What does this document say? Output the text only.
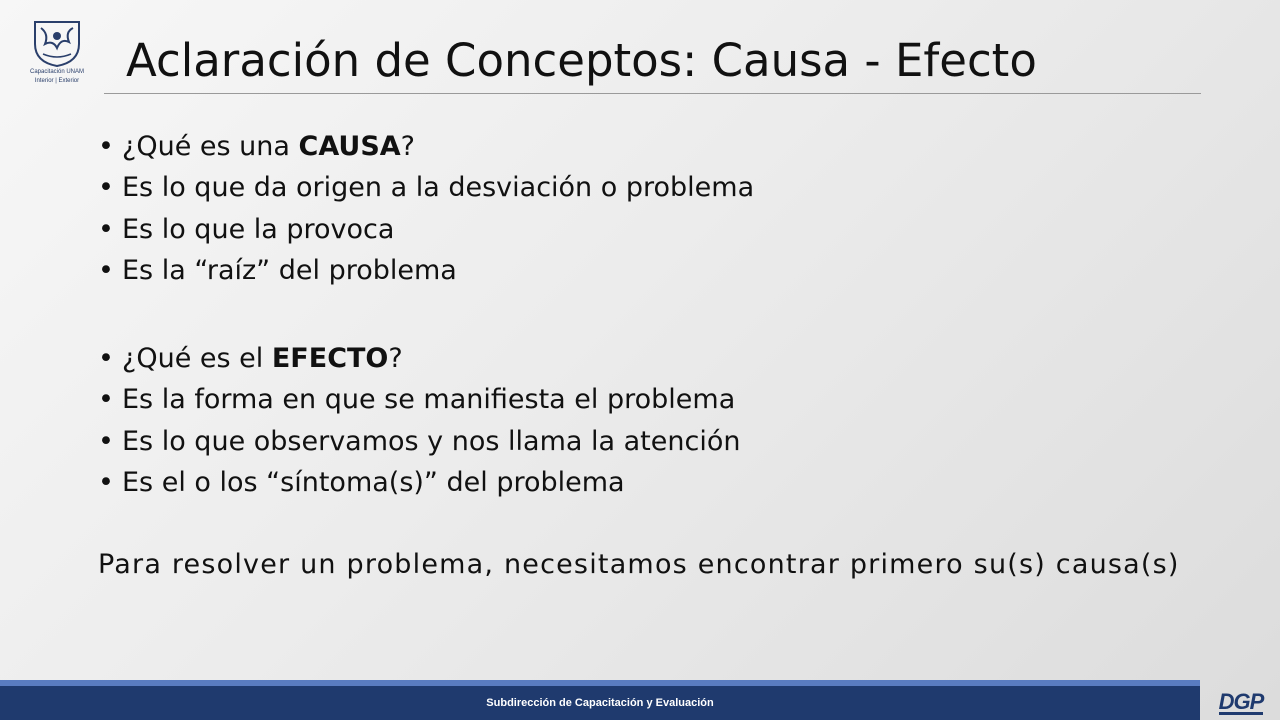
Capacitación UNAM
Interior | Exterior Aclaración de Conceptos: Causa - Efecto
• ¿Qué es una CAUSA?
• Es lo que da origen a la desviación o problema
• Es lo que la provoca
• Es la “raíz” del problema
• ¿Qué es el EFECTO?
• Es la forma en que se manifiesta el problema
• Es lo que observamos y nos llama la atención
• Es el o los “síntoma(s)” del problema

Para resolver un problema, necesitamos encontrar primero su(s) causa(s)

Subdirección de Capacitación y Evaluación	DGP
